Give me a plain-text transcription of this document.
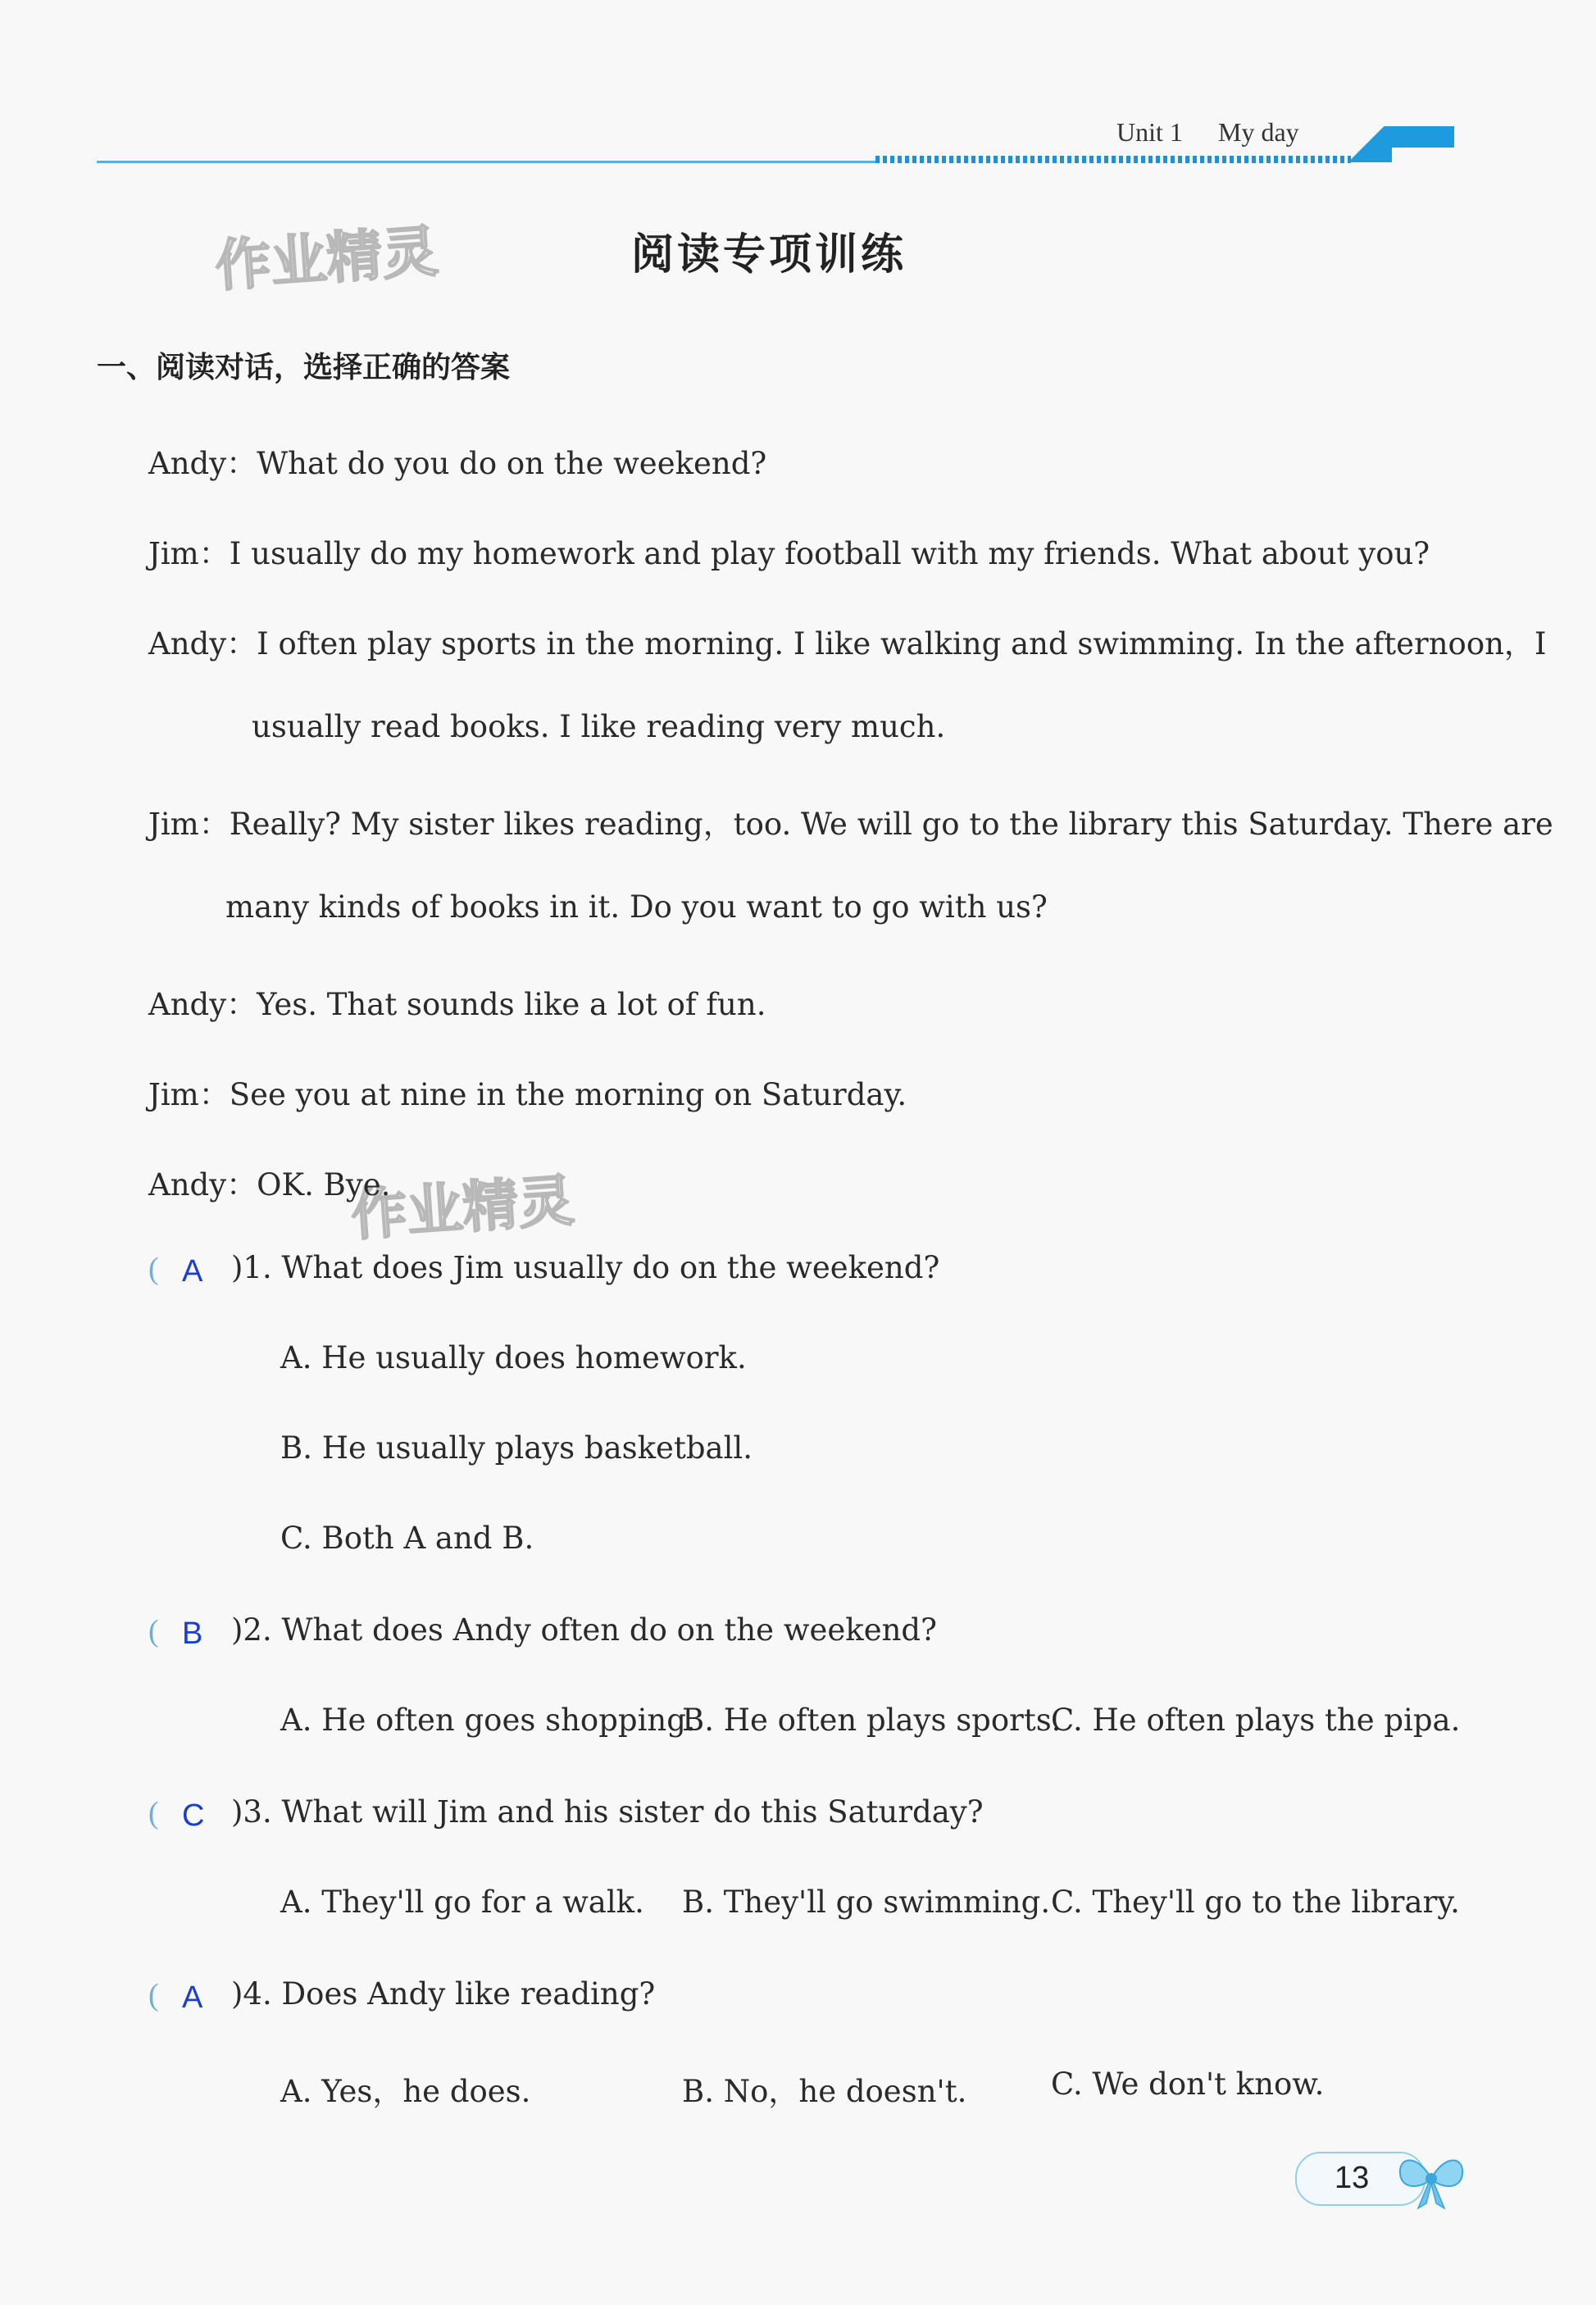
Unit 1 My day
作业精灵
作业精灵
阅读专项训练
一、阅读对话，选择正确的答案
Andy：What do you do on the weekend?
Jim：I usually do my homework and play football with my friends. What about you?
Andy：I often play sports in the morning. I like walking and swimming. In the afternoon，I
usually read books. I like reading very much.
Jim：Really? My sister likes reading，too. We will go to the library this Saturday. There are
many kinds of books in it. Do you want to go with us?
Andy：Yes. That sounds like a lot of fun.
Jim：See you at nine in the morning on Saturday.
Andy：OK. Bye.
( A )1. What does Jim usually do on the weekend?
A. He usually does homework.
B. He usually plays basketball.
C. Both A and B.
( B )2. What does Andy often do on the weekend?
A. He often goes shopping.
B. He often plays sports.
C. He often plays the pipa.
( C )3. What will Jim and his sister do this Saturday?
A. They'll go for a walk. B. They'll go swimming. C. They'll go to the library.
( A )4. Does Andy like reading?
A. Yes，he does.	B. No，he doesn't.	C. We don't know.
13
